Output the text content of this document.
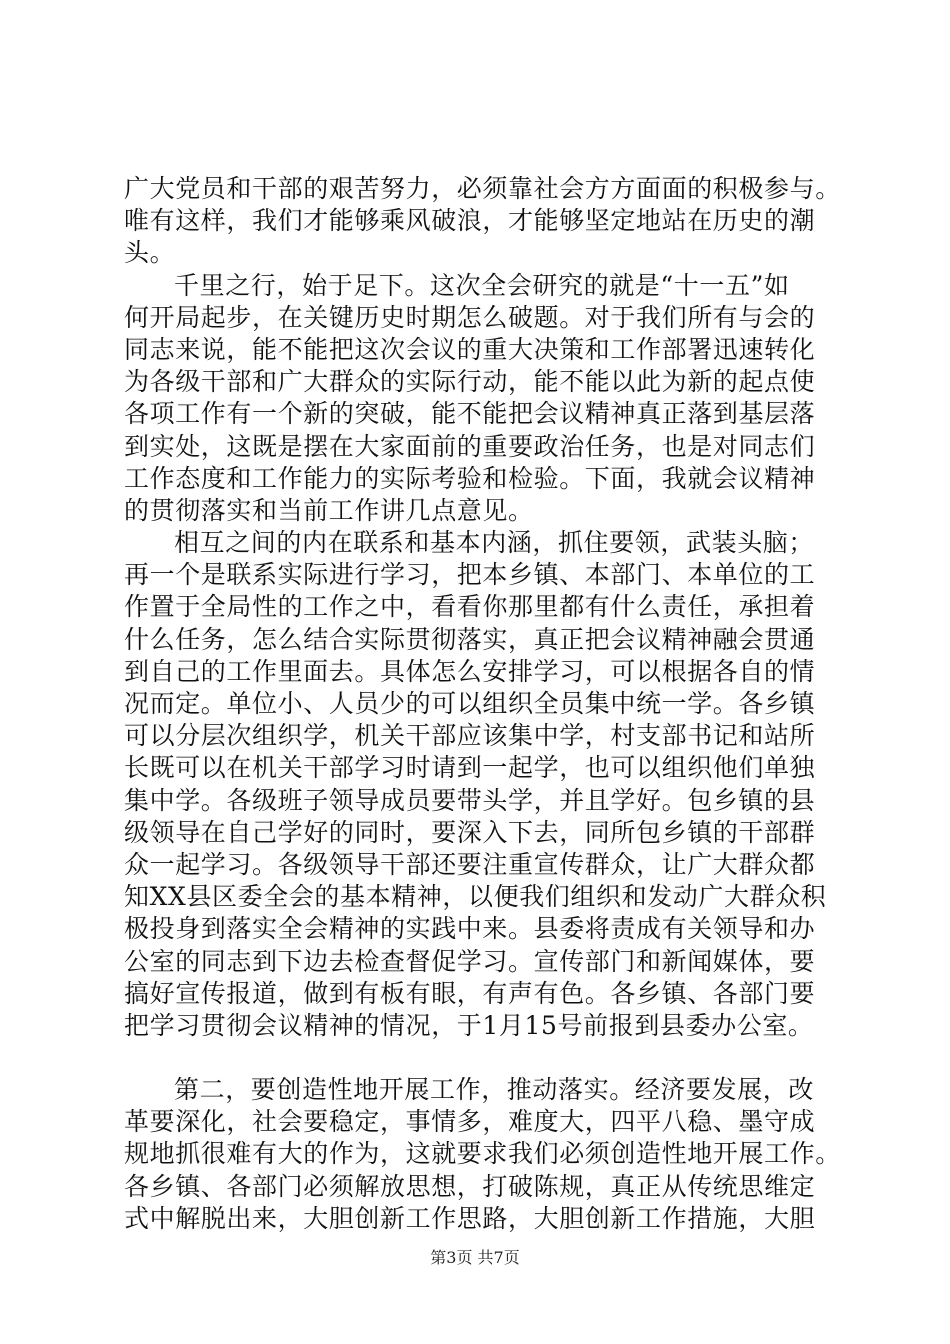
广大党员和干部的艰苦努力，必须靠社会方方面面的积极参与。
唯有这样，我们才能够乘风破浪，才能够坚定地站在历史的潮
头。
千里之行，始于足下。这次全会研究的就是“十一五”如
何开局起步，在关键历史时期怎么破题。对于我们所有与会的
同志来说，能不能把这次会议的重大决策和工作部署迅速转化
为各级干部和广大群众的实际行动，能不能以此为新的起点使
各项工作有一个新的突破，能不能把会议精神真正落到基层落
到实处，这既是摆在大家面前的重要政治任务，也是对同志们
工作态度和工作能力的实际考验和检验。下面，我就会议精神
的贯彻落实和当前工作讲几点意见。
相互之间的内在联系和基本内涵，抓住要领，武装头脑；
再一个是联系实际进行学习，把本乡镇、本部门、本单位的工
作置于全局性的工作之中，看看你那里都有什么责任，承担着
什么任务，怎么结合实际贯彻落实，真正把会议精神融会贯通
到自己的工作里面去。具体怎么安排学习，可以根据各自的情
况而定。单位小、人员少的可以组织全员集中统一学。各乡镇
可以分层次组织学，机关干部应该集中学，村支部书记和站所
长既可以在机关干部学习时请到一起学，也可以组织他们单独
集中学。各级班子领导成员要带头学，并且学好。包乡镇的县
级领导在自己学好的同时，要深入下去，同所包乡镇的干部群
众一起学习。各级领导干部还要注重宣传群众，让广大群众都
知XX县区委全会的基本精神，以便我们组织和发动广大群众积
极投身到落实全会精神的实践中来。县委将责成有关领导和办
公室的同志到下边去检查督促学习。宣传部门和新闻媒体，要
搞好宣传报道，做到有板有眼，有声有色。各乡镇、各部门要
把学习贯彻会议精神的情况，于1月15号前报到县委办公室。
第二，要创造性地开展工作，推动落实。经济要发展，改
革要深化，社会要稳定，事情多，难度大，四平八稳、墨守成
规地抓很难有大的作为，这就要求我们必须创造性地开展工作。
各乡镇、各部门必须解放思想，打破陈规，真正从传统思维定
式中解脱出来，大胆创新工作思路，大胆创新工作措施，大胆
第3页 共7页
